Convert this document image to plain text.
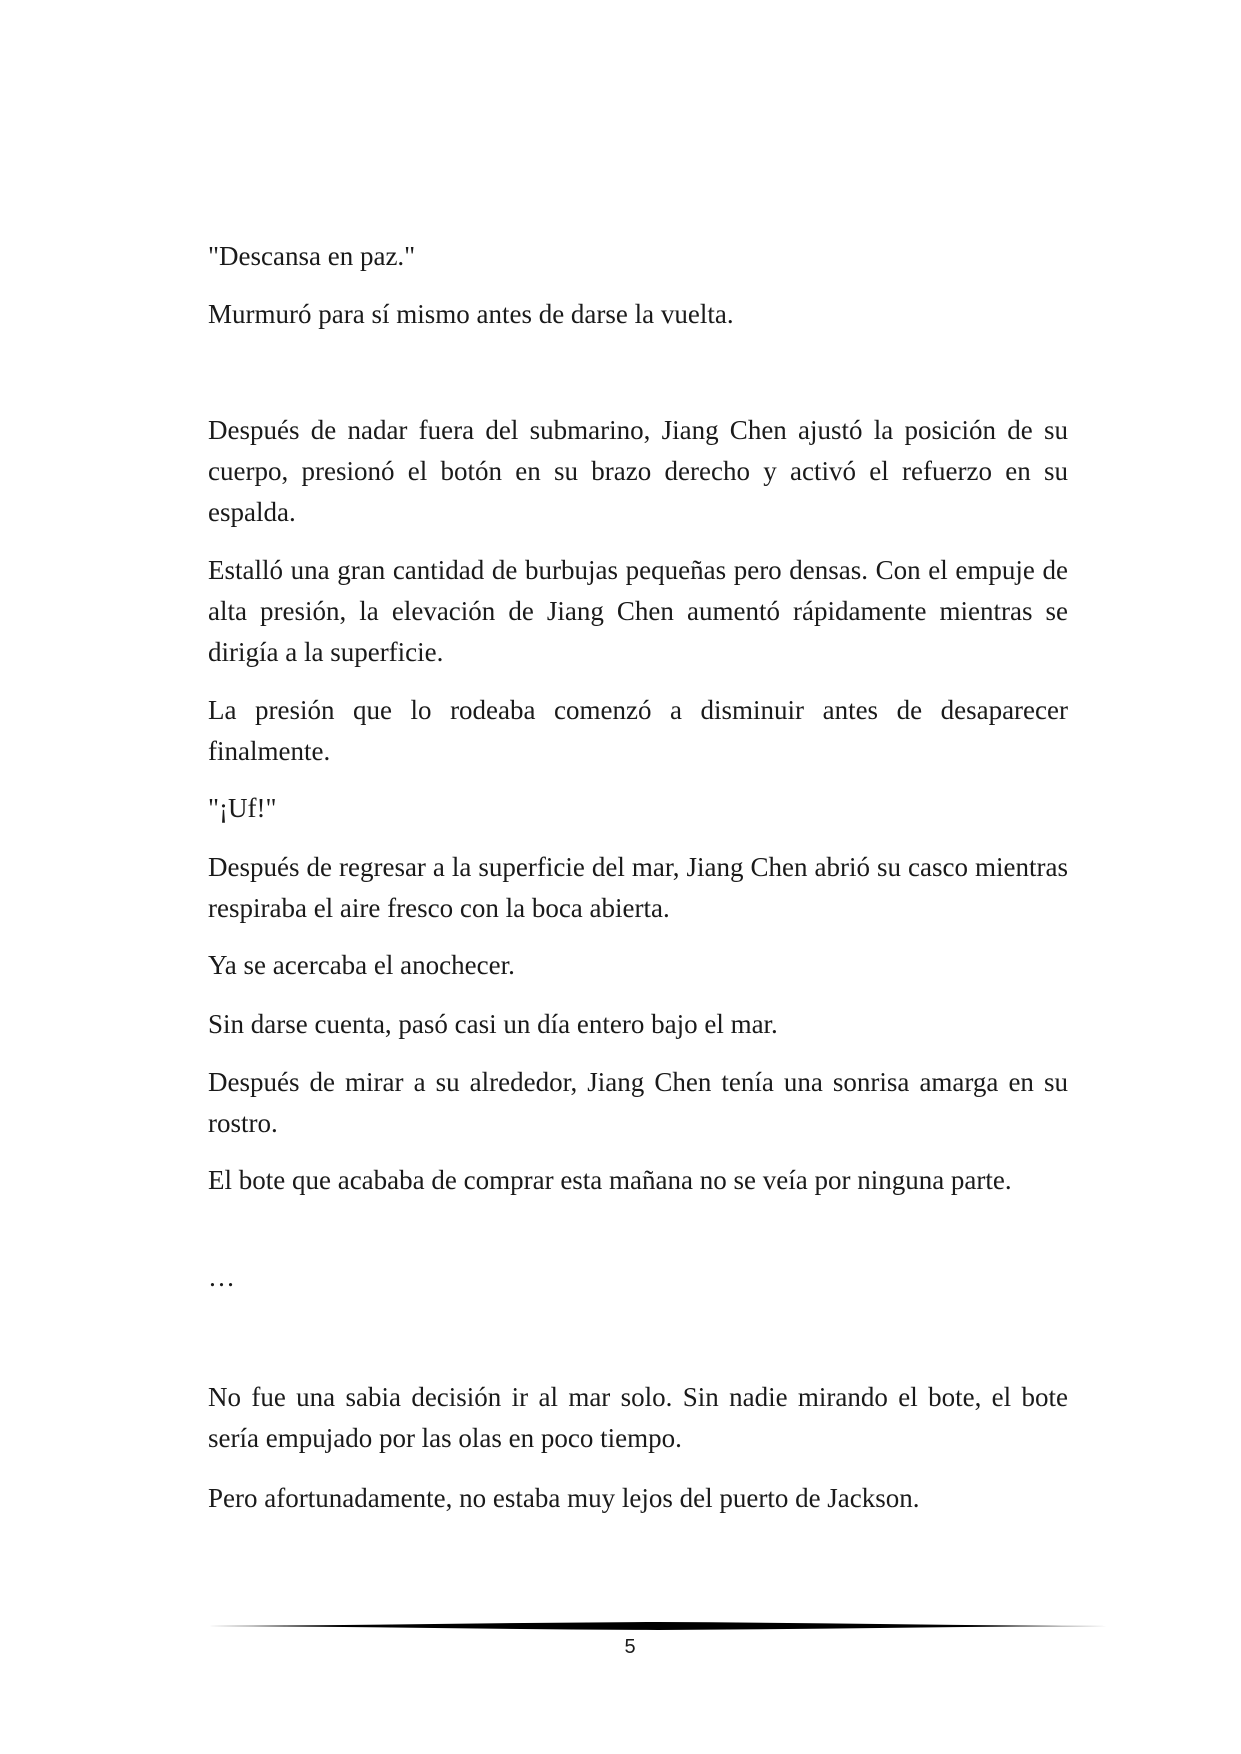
"Descansa en paz."

Murmuró para sí mismo antes de darse la vuelta.

Después de nadar fuera del submarino, Jiang Chen ajustó la posición de su cuerpo, presionó el botón en su brazo derecho y activó el refuerzo en su espalda.

Estalló una gran cantidad de burbujas pequeñas pero densas. Con el empuje de alta presión, la elevación de Jiang Chen aumentó rápidamente mientras se dirigía a la superficie.

La presión que lo rodeaba comenzó a disminuir antes de desaparecer finalmente.

"¡Uf!"

Después de regresar a la superficie del mar, Jiang Chen abrió su casco mientras respiraba el aire fresco con la boca abierta.

Ya se acercaba el anochecer.

Sin darse cuenta, pasó casi un día entero bajo el mar.

Después de mirar a su alrededor, Jiang Chen tenía una sonrisa amarga en su rostro.

El bote que acababa de comprar esta mañana no se veía por ninguna parte.

…

No fue una sabia decisión ir al mar solo. Sin nadie mirando el bote, el bote sería empujado por las olas en poco tiempo.

Pero afortunadamente, no estaba muy lejos del puerto de Jackson.

5
